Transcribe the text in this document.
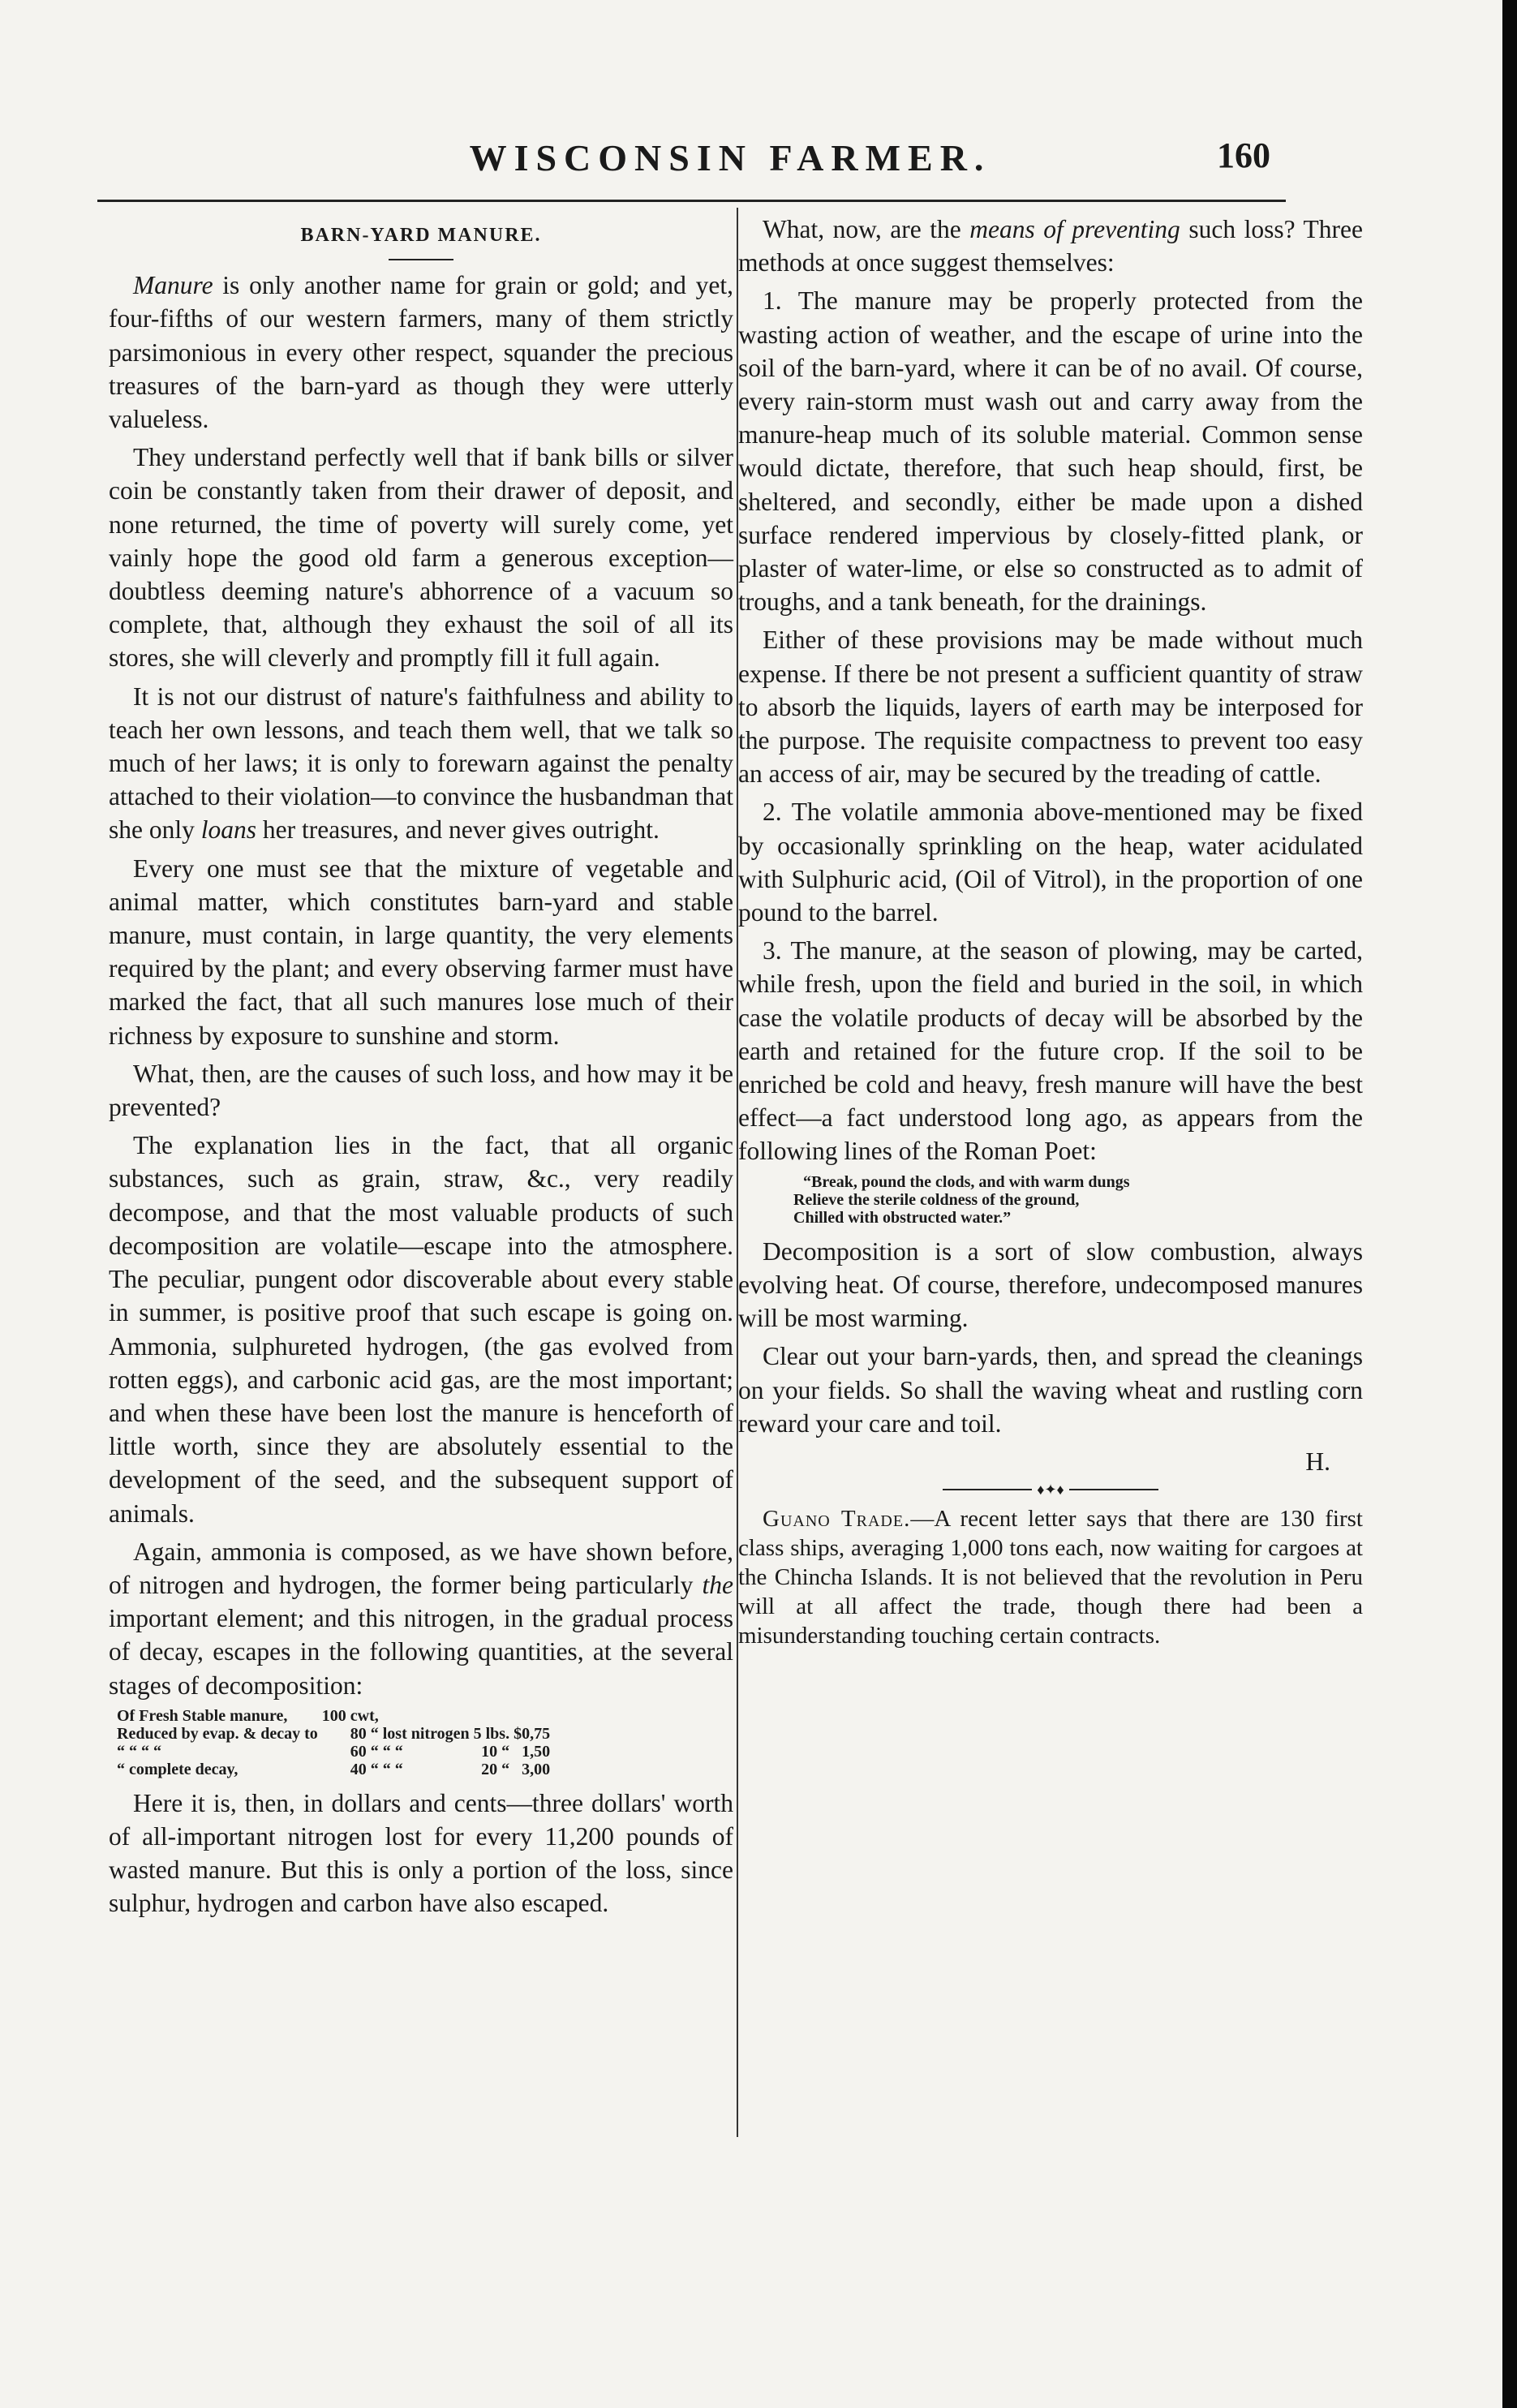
WISCONSIN FARMER.	160
BARN-YARD MANURE.

Manure is only another name for grain or gold; and yet, four-fifths of our western farmers, many of them strictly parsimonious in every other respect, squander the precious treasures of the barn-yard as though they were utterly valueless.

They understand perfectly well that if bank bills or silver coin be constantly taken from their drawer of deposit, and none returned, the time of poverty will surely come, yet vainly hope the good old farm a generous exception—doubtless deeming nature's abhorrence of a vacuum so complete, that, although they exhaust the soil of all its stores, she will cleverly and promptly fill it full again.

It is not our distrust of nature's faithfulness and ability to teach her own lessons, and teach them well, that we talk so much of her laws; it is only to forewarn against the penalty attached to their violation—to convince the husbandman that she only loans her treasures, and never gives outright.

Every one must see that the mixture of vegetable and animal matter, which constitutes barn-yard and stable manure, must contain, in large quantity, the very elements required by the plant; and every observing farmer must have marked the fact, that all such manures lose much of their richness by exposure to sunshine and storm.

What, then, are the causes of such loss, and how may it be prevented?

The explanation lies in the fact, that all organic substances, such as grain, straw, &c., very readily decompose, and that the most valuable products of such decomposition are volatile—escape into the atmosphere. The peculiar, pungent odor discoverable about every stable in summer, is positive proof that such escape is going on. Ammonia, sulphureted hydrogen, (the gas evolved from rotten eggs), and carbonic acid gas, are the most important; and when these have been lost the manure is henceforth of little worth, since they are absolutely essential to the development of the seed, and the subsequent support of animals.

Again, ammonia is composed, as we have shown before, of nitrogen and hydrogen, the former being particularly the important element; and this nitrogen, in the gradual process of decay, escapes in the following quantities, at the several stages of decomposition:

Of Fresh Stable manure,	100 cwt,			
Reduced by evap. & decay to	80 “	lost nitrogen	5 lbs.	$0,75
“ “ “ “	60 “	“ “	10 “	1,50
“ complete decay,	40 “	“ “	20 “	3,00

Here it is, then, in dollars and cents—three dollars' worth of all-important nitrogen lost for every 11,200 pounds of wasted manure. But this is only a portion of the loss, since sulphur, hydrogen and carbon have also escaped.

What, now, are the means of preventing such loss? Three methods at once suggest themselves:

1. The manure may be properly protected from the wasting action of weather, and the escape of urine into the soil of the barn-yard, where it can be of no avail. Of course, every rain-storm must wash out and carry away from the manure-heap much of its soluble material. Common sense would dictate, therefore, that such heap should, first, be sheltered, and secondly, either be made upon a dished surface rendered impervious by closely-fitted plank, or plaster of water-lime, or else so constructed as to admit of troughs, and a tank beneath, for the drainings.

Either of these provisions may be made without much expense. If there be not present a sufficient quantity of straw to absorb the liquids, layers of earth may be interposed for the purpose. The requisite compactness to prevent too easy an access of air, may be secured by the treading of cattle.

2. The volatile ammonia above-mentioned may be fixed by occasionally sprinkling on the heap, water acidulated with Sulphuric acid, (Oil of Vitrol), in the proportion of one pound to the barrel.

3. The manure, at the season of plowing, may be carted, while fresh, upon the field and buried in the soil, in which case the volatile products of decay will be absorbed by the earth and retained for the future crop. If the soil to be enriched be cold and heavy, fresh manure will have the best effect—a fact understood long ago, as appears from the following lines of the Roman Poet:

“Break, pound the clods, and with warm dungs
Relieve the sterile coldness of the ground,
Chilled with obstructed water.”

Decomposition is a sort of slow combustion, always evolving heat. Of course, therefore, undecomposed manures will be most warming.

Clear out your barn-yards, then, and spread the cleanings on your fields. So shall the waving wheat and rustling corn reward your care and toil.

H.
♦✦♦

Guano Trade.—A recent letter says that there are 130 first class ships, averaging 1,000 tons each, now waiting for cargoes at the Chincha Islands. It is not believed that the revolution in Peru will at all affect the trade, though there had been a misunderstanding touching certain contracts.
